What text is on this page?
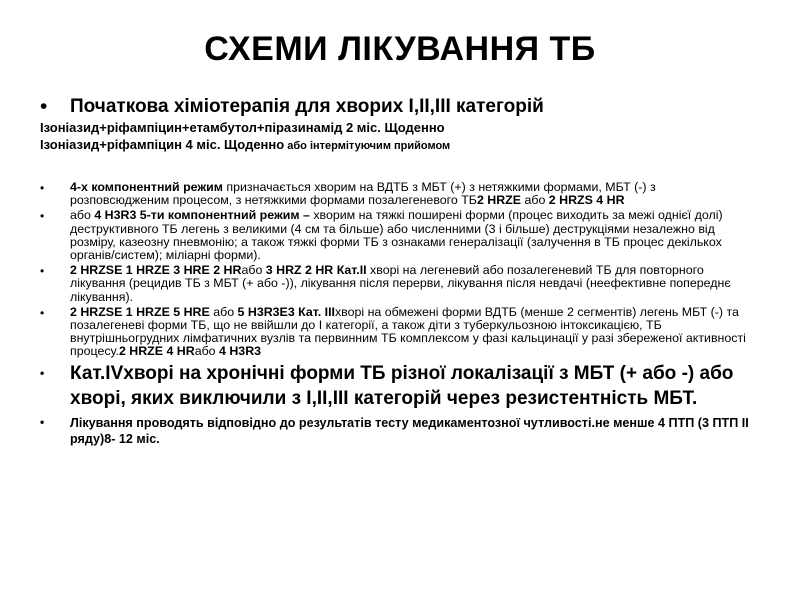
СХЕМИ ЛІКУВАННЯ ТБ
•	Початкова хіміотерапія для хворих I,II,III категорій
Ізоніазид+ріфампіцин+етамбутол+піразинамід 2 міс. Щоденно
Ізоніазид+ріфампіцин 4 міс. Щоденно або інтермітуючим прийомом
•	4-х компонентний режим призначається хворим на ВДТБ з МБТ (+) з нетяжкими формами, МБТ (-) з розповсюдженим процесом, з нетяжкими формами позалегеневого ТБ2 HRZE або 2 HRZS 4 HR
•	або 4 H3R3 5-ти компонентний режим – хворим на тяжкі поширені форми (процес виходить за межі однієї долі) деструктивного ТБ легень з великими (4 см та більше) або численними (3 і більше) деструкціями незалежно від розміру, казеозну пневмонію; а також тяжкі форми ТБ з ознаками генералізації (залучення в ТБ процес декількох органів/систем); міліарні форми).
•	2 HRZSE 1 HRZE 3 HRE 2 HRабо 3 HRZ 2 HR Кат.ІІ хворі на легеневий або позалегеневий ТБ для повторного лікування (рецидив ТБ з МБТ (+ або -)), лікування після перерви, лікування після невдачі (неефективне попереднє лікування).
•	2 HRZSE 1 HRZE 5 HRE або 5 H3R3E3 Кат. ІІІхворі на обмежені форми ВДТБ (менше 2 сегментів) легень МБТ (-) та позалегеневі форми ТБ, що не ввійшли до I категорії, а також діти з туберкульозною інтоксикацією, ТБ внутрішньогрудних лімфатичних вузлів та первинним ТБ комплексом у фазі кальцинації у разі збереженої активності процесу.2 HRZE 4 HRабо 4 H3R3
•	Кат.IVхворі на хронічні форми ТБ різної локалізації з МБТ (+ або -) або хворі, яких виключили з I,II,III категорій через резистентність МБТ.
•	Лікування проводять відповідно до результатів тесту медикаментозної чутливості.не менше 4 ПТП (3 ПТП II ряду)8- 12 міс.
